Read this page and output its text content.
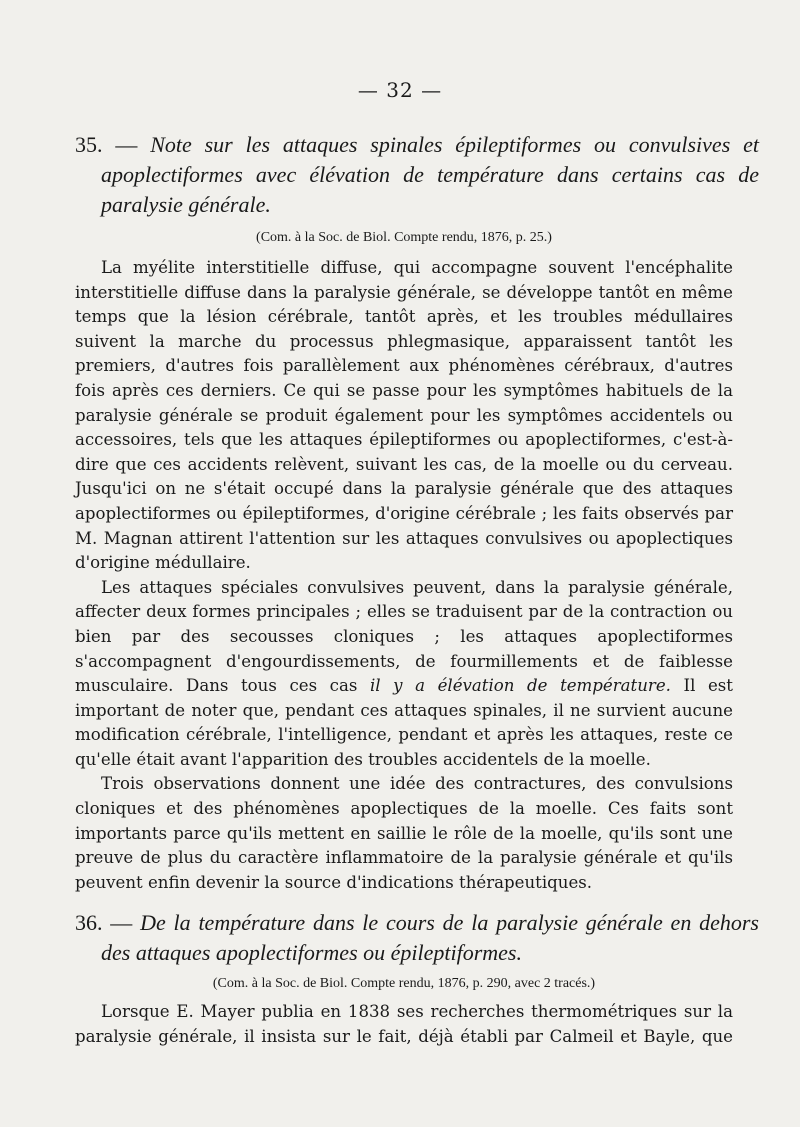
— 32 —
35. — Note sur les attaques spinales épileptiformes ou convulsives et apoplectiformes avec élévation de température dans certains cas de paralysie générale.
(Com. à la Soc. de Biol. Compte rendu, 1876, p. 25.)

La myélite interstitielle diffuse, qui accompagne souvent l'encéphalite interstitielle diffuse dans la paralysie générale, se développe tantôt en même temps que la lésion cérébrale, tantôt après, et les troubles médullaires suivent la marche du processus phlegmasique, apparaissent tantôt les premiers, d'autres fois parallèlement aux phénomènes cérébraux, d'autres fois après ces derniers. Ce qui se passe pour les symptômes habituels de la paralysie générale se produit également pour les symptômes accidentels ou accessoires, tels que les attaques épileptiformes ou apoplectiformes, c'est-à-dire que ces accidents relèvent, suivant les cas, de la moelle ou du cerveau. Jusqu'ici on ne s'était occupé dans la paralysie générale que des attaques apoplectiformes ou épileptiformes, d'origine cérébrale ; les faits observés par M. Magnan attirent l'attention sur les attaques convulsives ou apoplectiques d'origine médullaire.

Les attaques spéciales convulsives peuvent, dans la paralysie générale, affecter deux formes principales ; elles se traduisent par de la contraction ou bien par des secousses cloniques ; les attaques apoplectiformes s'accompagnent d'engourdissements, de fourmillements et de faiblesse musculaire. Dans tous ces cas il y a élévation de température. Il est important de noter que, pendant ces attaques spinales, il ne survient aucune modification cérébrale, l'intelligence, pendant et après les attaques, reste ce qu'elle était avant l'apparition des troubles accidentels de la moelle.

Trois observations donnent une idée des contractures, des convulsions cloniques et des phénomènes apoplectiques de la moelle. Ces faits sont importants parce qu'ils mettent en saillie le rôle de la moelle, qu'ils sont une preuve de plus du caractère inflammatoire de la paralysie générale et qu'ils peuvent enfin devenir la source d'indications thérapeutiques.

36. — De la température dans le cours de la paralysie générale en dehors des attaques apoplectiformes ou épileptiformes.
(Com. à la Soc. de Biol. Compte rendu, 1876, p. 290, avec 2 tracés.)

Lorsque E. Mayer publia en 1838 ses recherches thermométriques sur la paralysie générale, il insista sur le fait, déjà établi par Calmeil et Bayle, que
